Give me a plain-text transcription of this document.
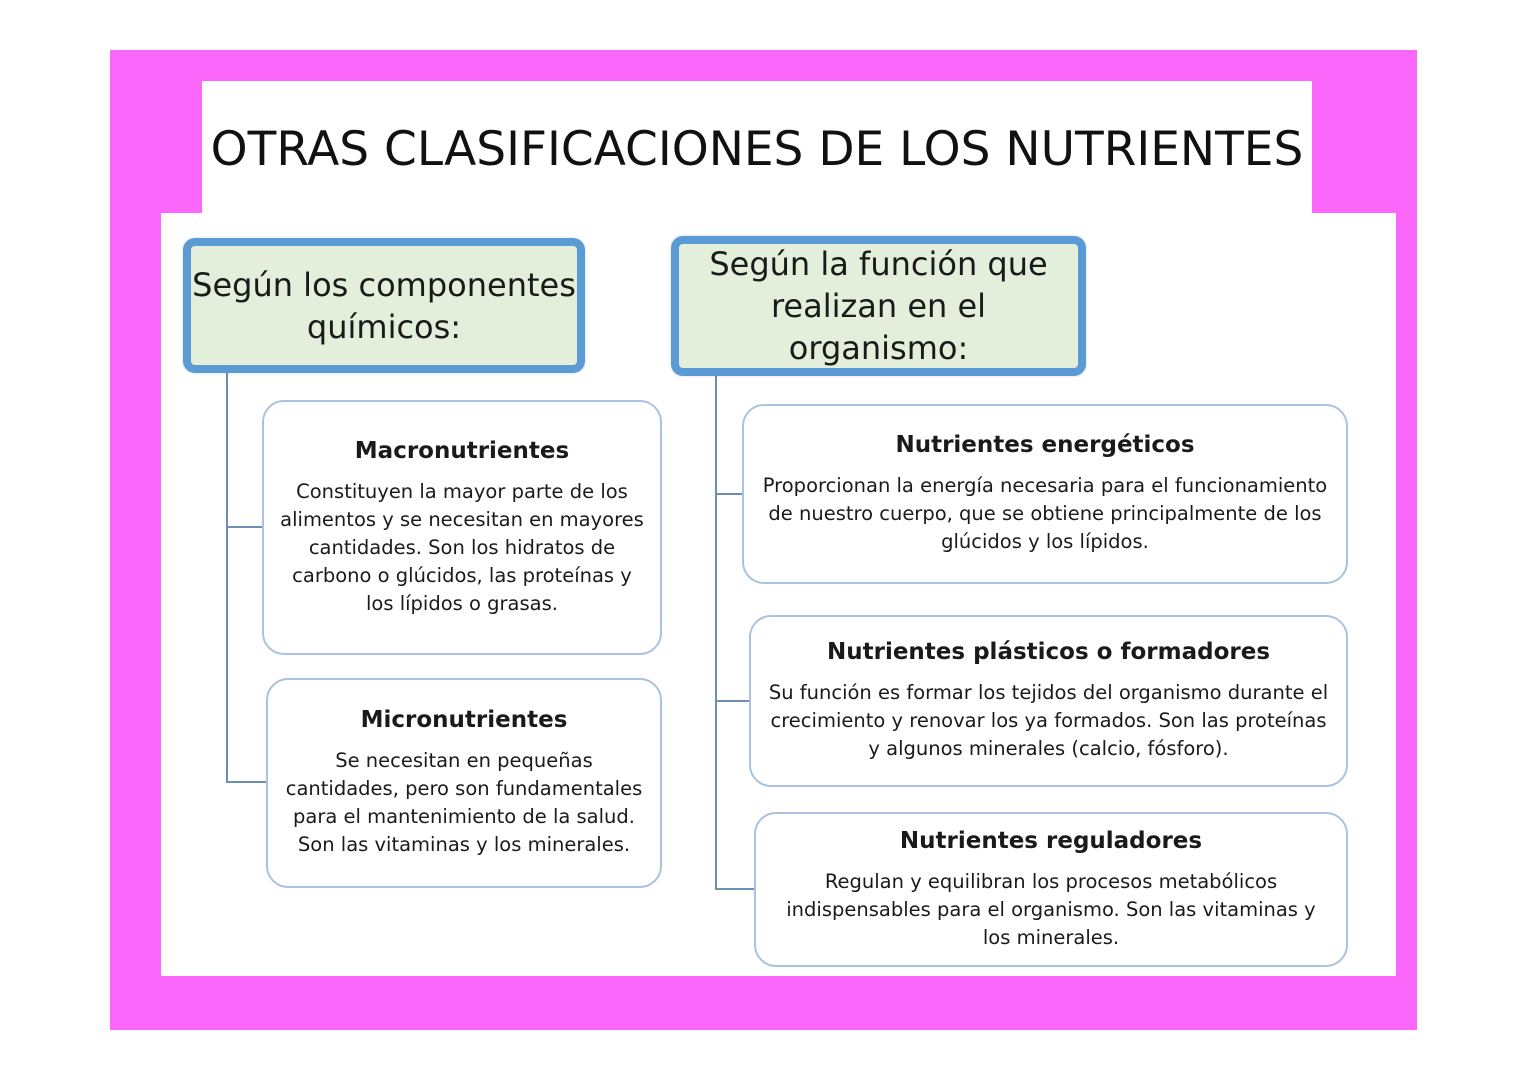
OTRAS CLASIFICACIONES DE LOS NUTRIENTES
Según los componentes químicos:
Según la función que realizan en el organismo:
Macronutrientes
Constituyen la mayor parte de los alimentos y se necesitan en mayores cantidades. Son los hidratos de carbono o glúcidos, las proteínas y los lípidos o grasas.
Micronutrientes
Se necesitan en pequeñas cantidades, pero son fundamentales para el mantenimiento de la salud. Son las vitaminas y los minerales.
Nutrientes energéticos
Proporcionan la energía necesaria para el funcionamiento de nuestro cuerpo, que se obtiene principalmente de los glúcidos y los lípidos.
Nutrientes plásticos o formadores
Su función es formar los tejidos del organismo durante el crecimiento y renovar los ya formados. Son las proteínas y algunos minerales (calcio, fósforo).
Nutrientes reguladores
Regulan y equilibran los procesos metabólicos indispensables para el organismo. Son las vitaminas y los minerales.
